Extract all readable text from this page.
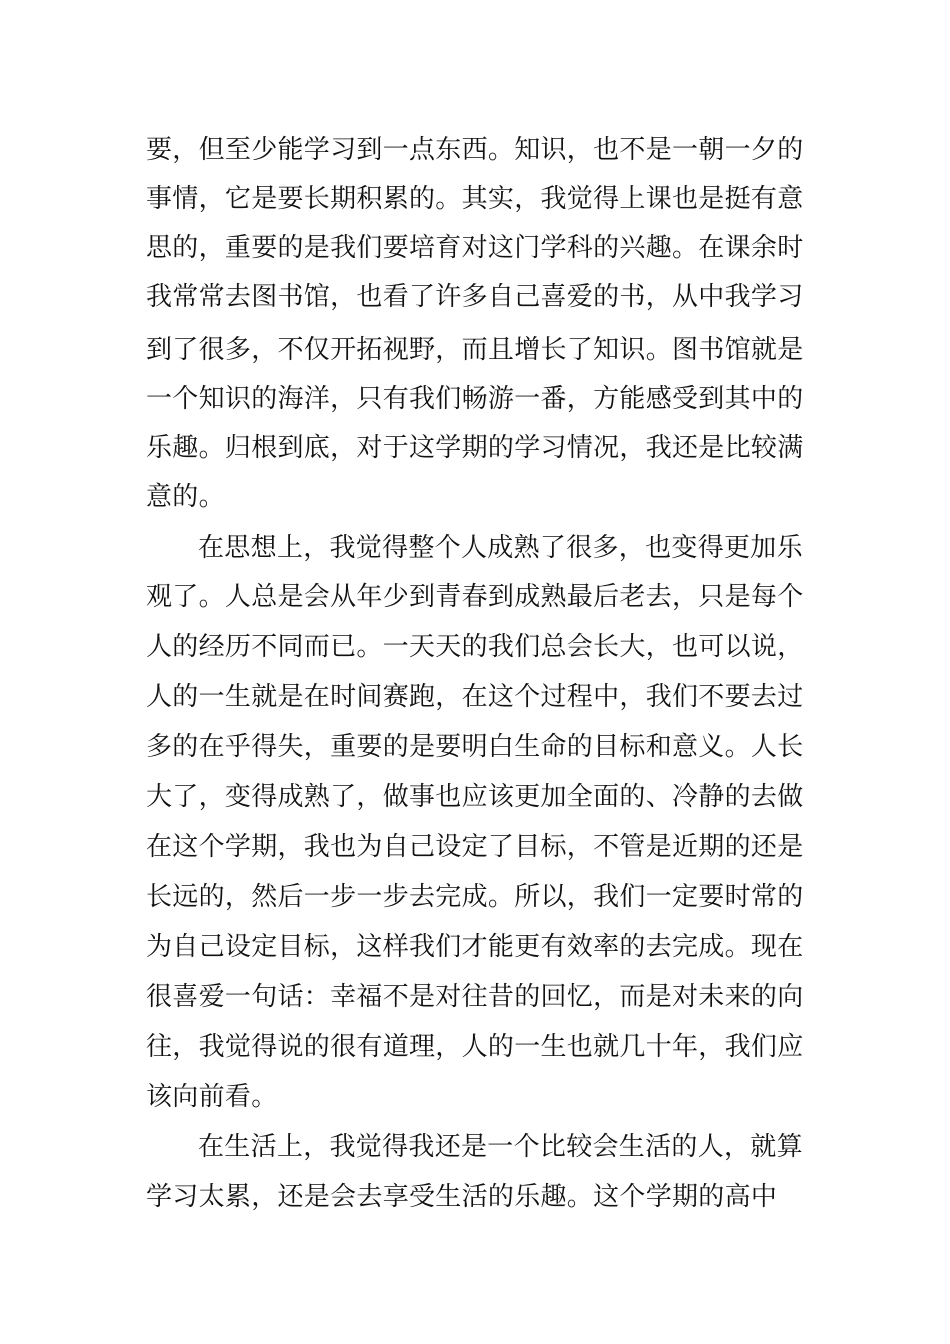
要，但至少能学习到一点东西。知识，也不是一朝一夕的
事情，它是要长期积累的。其实，我觉得上课也是挺有意
思的，重要的是我们要培育对这门学科的兴趣。在课余时
我常常去图书馆，也看了许多自己喜爱的书，从中我学习
到了很多，不仅开拓视野，而且增长了知识。图书馆就是
一个知识的海洋，只有我们畅游一番，方能感受到其中的
乐趣。归根到底，对于这学期的学习情况，我还是比较满
意的。
在思想上，我觉得整个人成熟了很多，也变得更加乐
观了。人总是会从年少到青春到成熟最后老去，只是每个
人的经历不同而已。一天天的我们总会长大，也可以说，
人的一生就是在时间赛跑，在这个过程中，我们不要去过
多的在乎得失，重要的是要明白生命的目标和意义。人长
大了，变得成熟了，做事也应该更加全面的、冷静的去做
在这个学期，我也为自己设定了目标，不管是近期的还是
长远的，然后一步一步去完成。所以，我们一定要时常的
为自己设定目标，这样我们才能更有效率的去完成。现在
很喜爱一句话：幸福不是对往昔的回忆，而是对未来的向
往，我觉得说的很有道理，人的一生也就几十年，我们应
该向前看。
在生活上，我觉得我还是一个比较会生活的人，就算
学习太累，还是会去享受生活的乐趣。这个学期的高中
